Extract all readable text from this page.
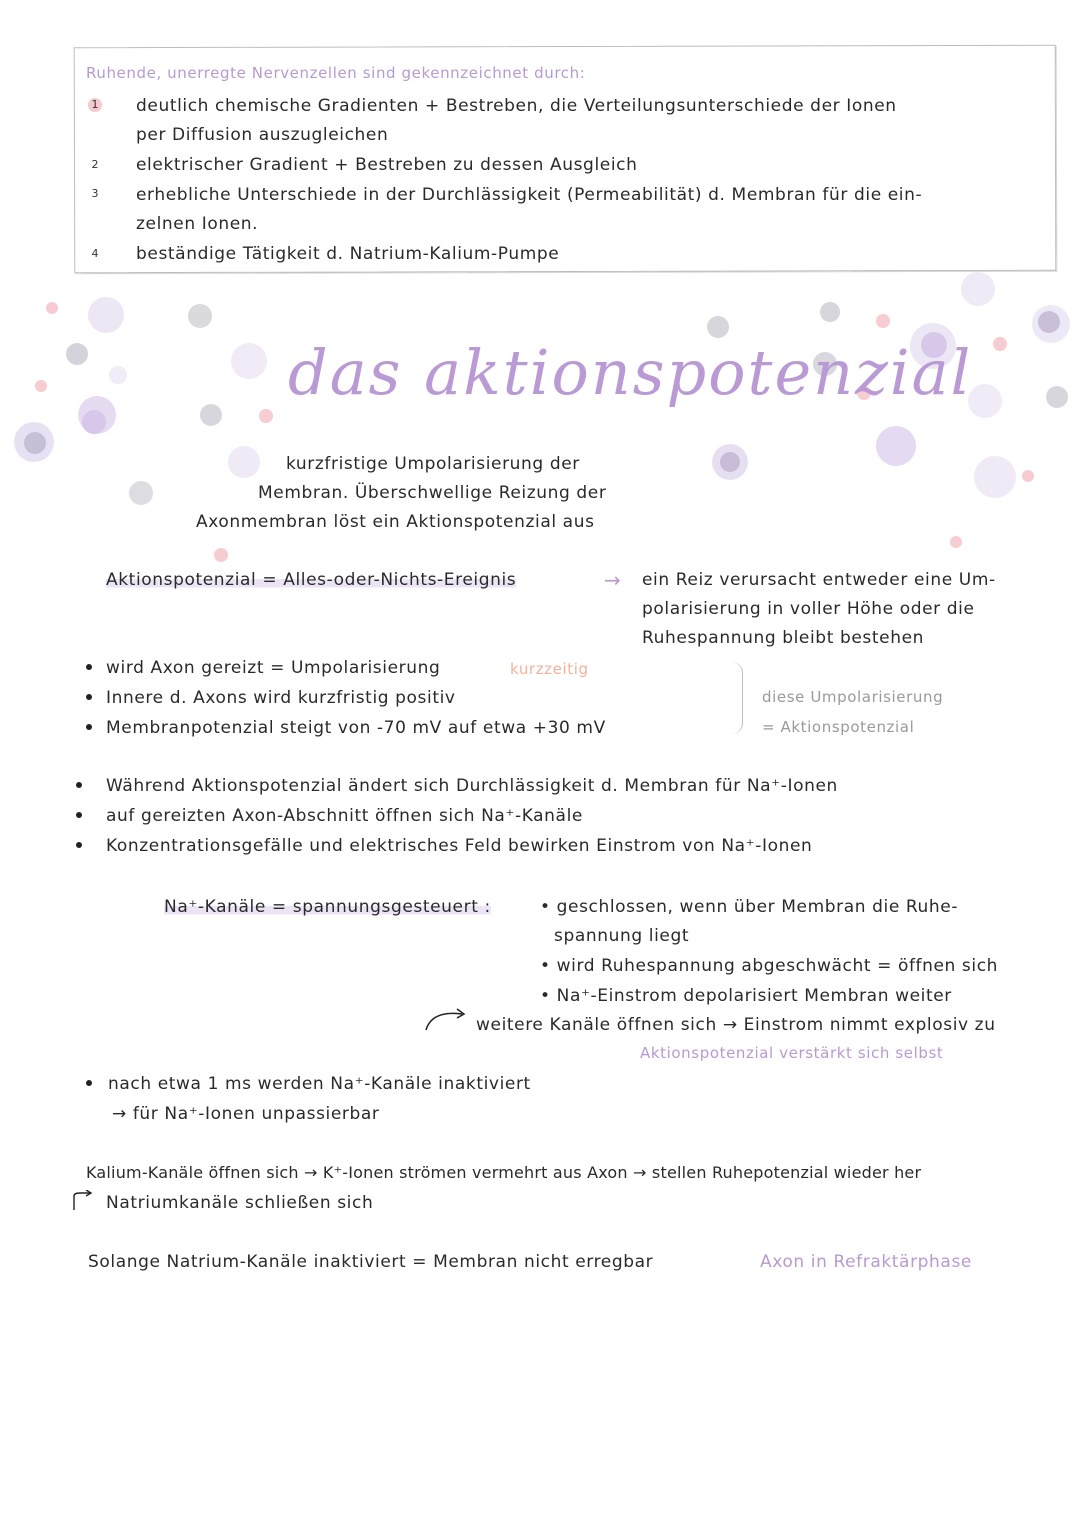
Ruhende, unerregte Nervenzellen sind gekennzeichnet durch:
1 deutlich chemische Gradienten + Bestreben, die Verteilungsunterschiede der Ionen
per Diffusion auszugleichen
2 elektrischer Gradient + Bestreben zu dessen Ausgleich
3 erhebliche Unterschiede in der Durchlässigkeit (Permeabilität) d. Membran für die ein-
zelnen Ionen.
4 beständige Tätigkeit d. Natrium-Kalium-Pumpe
das aktionspotenzial
kurzfristige Umpolarisierung der
Membran. Überschwellige Reizung der
Axonmembran löst ein Aktionspotenzial aus
Aktionspotenzial = Alles-oder-Nichts-Ereignis	→ ein Reiz verursacht entweder eine Um-
polarisierung in voller Höhe oder die
Ruhespannung bleibt bestehen
wird Axon gereizt = Umpolarisierung	kurzzeitig
Innere d. Axons wird kurzfristig positiv
Membranpotenzial steigt von -70 mV auf etwa +30 mV
diese Umpolarisierung
= Aktionspotenzial
Während Aktionspotenzial ändert sich Durchlässigkeit d. Membran für Na⁺-Ionen
auf gereizten Axon-Abschnitt öffnen sich Na⁺-Kanäle
Konzentrationsgefälle und elektrisches Feld bewirken Einstrom von Na⁺-Ionen
Na⁺-Kanäle = spannungsgesteuert :	• geschlossen, wenn über Membran die Ruhe-
spannung liegt
• wird Ruhespannung abgeschwächt = öffnen sich
• Na⁺-Einstrom depolarisiert Membran weiter
weitere Kanäle öffnen sich → Einstrom nimmt explosiv zu
Aktionspotenzial verstärkt sich selbst
nach etwa 1 ms werden Na⁺-Kanäle inaktiviert
→ für Na⁺-Ionen unpassierbar
Kalium-Kanäle öffnen sich → K⁺-Ionen strömen vermehrt aus Axon → stellen Ruhepotenzial wieder her
Natriumkanäle schließen sich
Solange Natrium-Kanäle inaktiviert = Membran nicht erregbar	Axon in Refraktärphase
